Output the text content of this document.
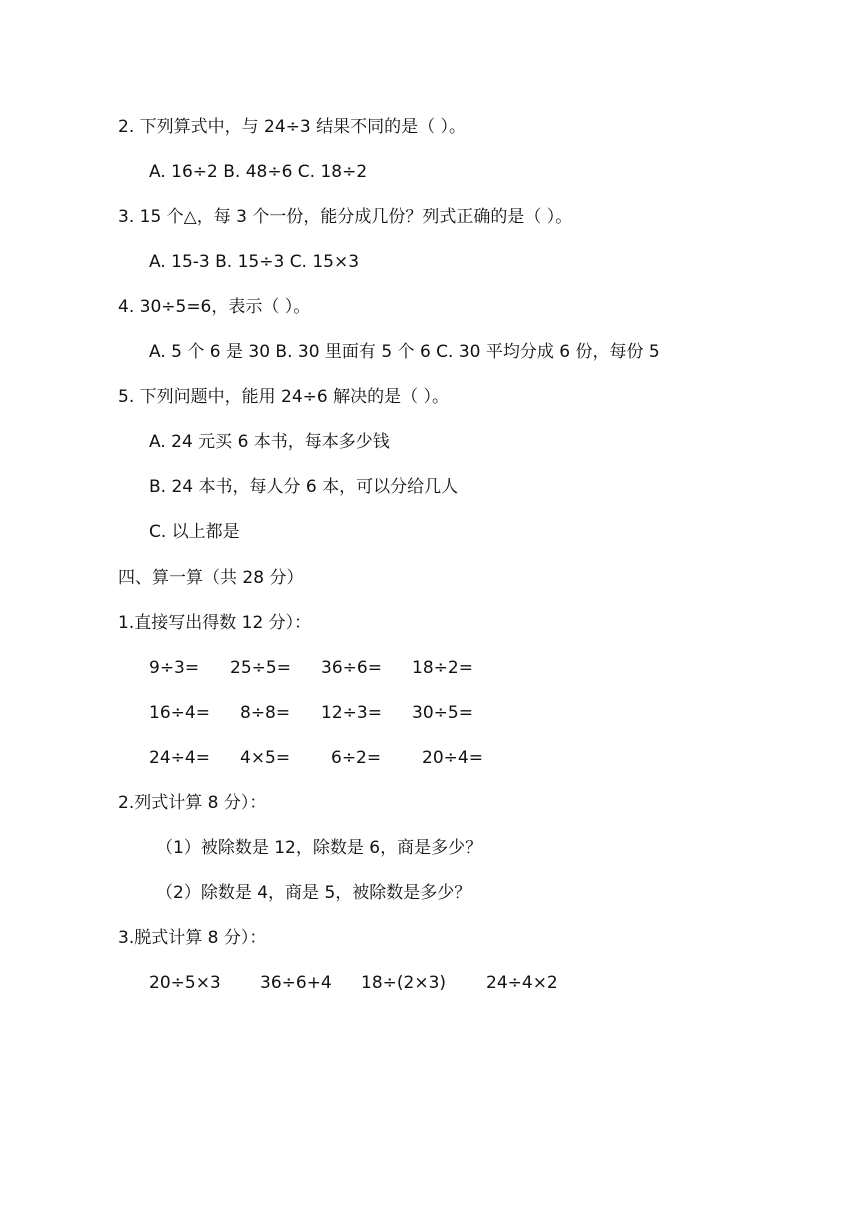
2. 下列算式中，与 24÷3 结果不同的是（ ）。
A. 16÷2 B. 48÷6 C. 18÷2
3. 15 个△，每 3 个一份，能分成几份？列式正确的是（ ）。
A. 15-3 B. 15÷3 C. 15×3
4. 30÷5=6，表示（ ）。
A. 5 个 6 是 30 B. 30 里面有 5 个 6 C. 30 平均分成 6 份，每份 5
5. 下列问题中，能用 24÷6 解决的是（ ）。
A. 24 元买 6 本书，每本多少钱
B. 24 本书，每人分 6 本，可以分给几人
C. 以上都是
四、算一算（共 28 分）
1.直接写出得数 12 分）：
9÷3= 25÷5= 36÷6= 18÷2=
16÷4= 8÷8= 12÷3= 30÷5=
24÷4= 4×5= 6÷2= 20÷4=
2.列式计算 8 分）：
（1）被除数是 12，除数是 6，商是多少？
（2）除数是 4，商是 5，被除数是多少？
3.脱式计算 8 分）：
20÷5×3 36÷6+4 18÷(2×3) 24÷4×2
